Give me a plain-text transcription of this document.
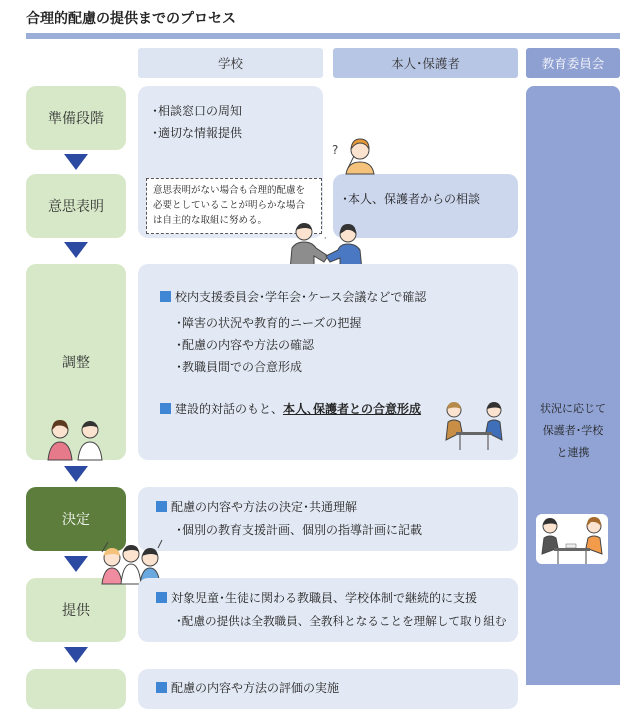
合理的配慮の提供までのプロセス
学校	本人･保護者	教育委員会
状況に応じて
保護者･学校
と連携
準備段階
意思表明
調整
決定
提供
･相談窓口の周知
･適切な情報提供
意思表明がない場合も合理的配慮を
必要としていることが明らかな場合
は自主的な取組に努める。
･本人、保護者からの相談
?
ﾞ
校内支援委員会･学年会･ケース会議などで確認
･障害の状況や教育的ニーズの把握
･配慮の内容や方法の確認
･教職員間での合意形成
建設的対話のもと、本人､保護者との合意形成
配慮の内容や方法の決定･共通理解
･個別の教育支援計画、個別の指導計画に記載
対象児童･生徒に関わる教職員、学校体制で継続的に支援
･配慮の提供は全教職員、全教科となることを理解して取り組む
配慮の内容や方法の評価の実施
